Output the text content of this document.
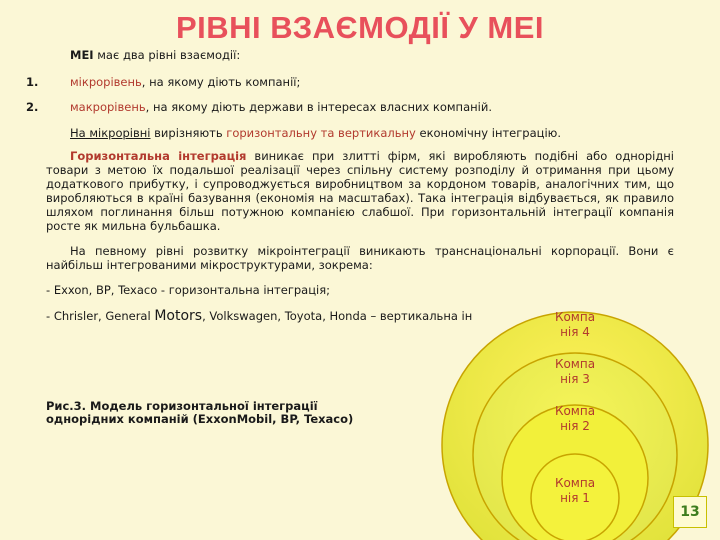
РІВНІ ВЗАЄМОДІЇ У МЕІ
МЕІ має два рівні взаємодії:
1.	мікрорівень, на якому діють компанії;
2.	макрорівень, на якому діють держави в інтересах власних компаній.
На мікрорівні вирізняють горизонтальну та вертикальну економічну інтеграцію.
Горизонтальна інтеграція виникає при злитті фірм, які виробляють подібні або однорідні товари з метою їх подальшої реалізації через спільну систему розподілу й отримання при цьому додаткового прибутку, і супроводжується виробництвом за кордоном товарів, аналогічних тим, що виробляються в країні базування (економія на масштабах). Така інтеграція відбувається, як правило шляхом поглинання більш потужною компанією слабшої. При горизонтальній інтеграції компанія росте як мильна бульбашка.
На певному рівні розвитку мікроінтеграції виникають транснаціональні корпорації. Вони є найбільш інтегрованими мікроструктурами, зокрема:
- Exxon, BP, Texaco - горизонтальна інтеграція;
- Chrisler, General Motors, Volkswagen, Toyota, Honda – вертикальна ін
Рис.3. Модель горизонтальної інтеграції однорідних компаній (ExxonMobil, BP, Texaco)
Компа
нія 4
Компа
нія 3
Компа
нія 2
Компа
нія 1
13
